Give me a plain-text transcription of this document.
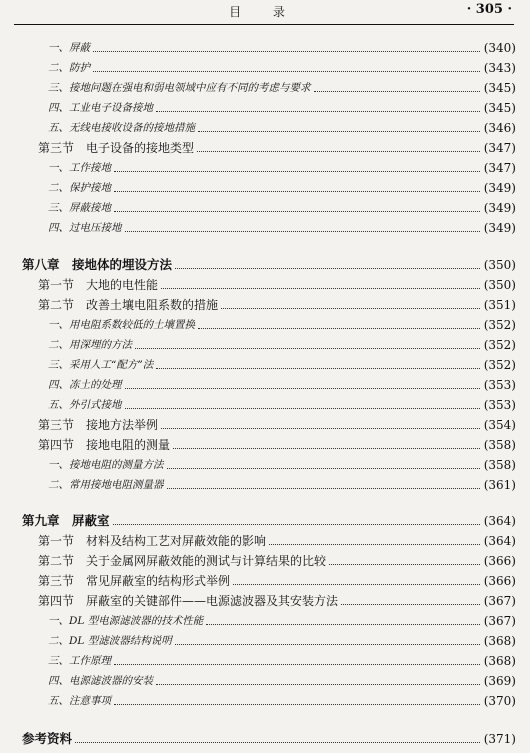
目 录	· 305 ·
一、屏蔽	(340)
二、防护	(343)
三、接地问题在强电和弱电领域中应有不同的考虑与要求	(345)
四、工业电子设备接地	(345)
五、无线电接收设备的接地措施	(346)
第三节　电子设备的接地类型	(347)
一、工作接地	(347)
二、保护接地	(349)
三、屏蔽接地	(349)
四、过电压接地	(349)
第八章　接地体的埋设方法	(350)
第一节　大地的电性能	(350)
第二节　改善土壤电阻系数的措施	(351)
一、用电阻系数较低的土壤置换	(352)
二、用深埋的方法	(352)
三、采用人工“配方”法	(352)
四、冻土的处理	(353)
五、外引式接地	(353)
第三节　接地方法举例	(354)
第四节　接地电阻的测量	(358)
一、接地电阻的测量方法	(358)
二、常用接地电阻测量器	(361)
第九章　屏蔽室	(364)
第一节　材料及结构工艺对屏蔽效能的影响	(364)
第二节　关于金属网屏蔽效能的测试与计算结果的比较	(366)
第三节　常见屏蔽室的结构形式举例	(366)
第四节　屏蔽室的关键部件——电源滤波器及其安装方法	(367)
一、DL 型电源滤波器的技术性能	(367)
二、DL 型滤波器结构说明	(368)
三、工作原理	(368)
四、电源滤波器的安装	(369)
五、注意事项	(370)
参考资料	(371)
